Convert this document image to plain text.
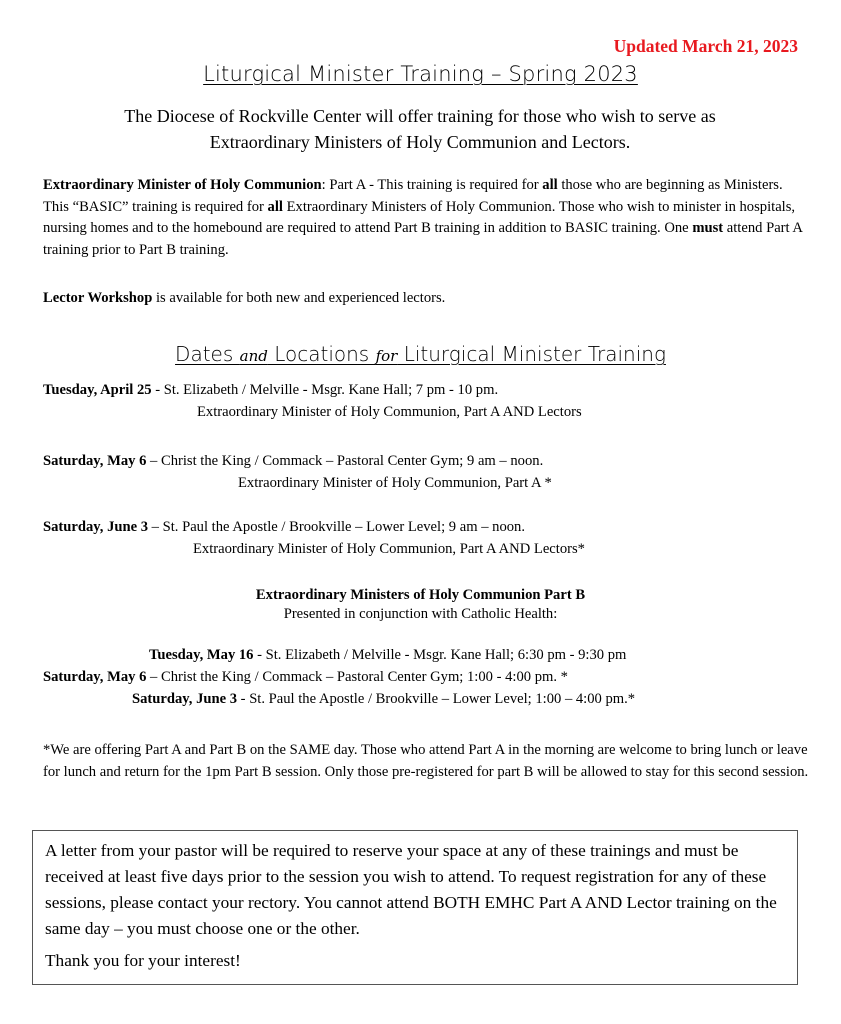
Updated March 21, 2023
Liturgical Minister Training – Spring 2023
The Diocese of Rockville Center will offer training for those who wish to serve as
Extraordinary Ministers of Holy Communion and Lectors.
Extraordinary Minister of Holy Communion: Part A - This training is required for all those who are beginning as Ministers. This “BASIC” training is required for all Extraordinary Ministers of Holy Communion. Those who wish to minister in hospitals, nursing homes and to the homebound are required to attend Part B training in addition to BASIC training. One must attend Part A training prior to Part B training.
Lector Workshop is available for both new and experienced lectors.
Dates and Locations for Liturgical Minister Training
Tuesday, April 25 - St. Elizabeth / Melville - Msgr. Kane Hall; 7 pm - 10 pm.
Extraordinary Minister of Holy Communion, Part A AND Lectors
Saturday, May 6 – Christ the King / Commack – Pastoral Center Gym; 9 am – noon.
Extraordinary Minister of Holy Communion, Part A *
Saturday, June 3 – St. Paul the Apostle / Brookville – Lower Level; 9 am – noon.
Extraordinary Minister of Holy Communion, Part A AND Lectors*
Extraordinary Ministers of Holy Communion Part B
Presented in conjunction with Catholic Health:
Tuesday, May 16 - St. Elizabeth / Melville - Msgr. Kane Hall; 6:30 pm - 9:30 pm
Saturday, May 6 – Christ the King / Commack – Pastoral Center Gym; 1:00 - 4:00 pm. *
Saturday, June 3 - St. Paul the Apostle / Brookville – Lower Level; 1:00 – 4:00 pm.*
*We are offering Part A and Part B on the SAME day. Those who attend Part A in the morning are welcome to bring lunch or leave for lunch and return for the 1pm Part B session. Only those pre-registered for part B will be allowed to stay for this second session.
A letter from your pastor will be required to reserve your space at any of these trainings and must be received at least five days prior to the session you wish to attend. To request registration for any of these sessions, please contact your rectory. You cannot attend BOTH EMHC Part A AND Lector training on the same day – you must choose one or the other.
Thank you for your interest!
